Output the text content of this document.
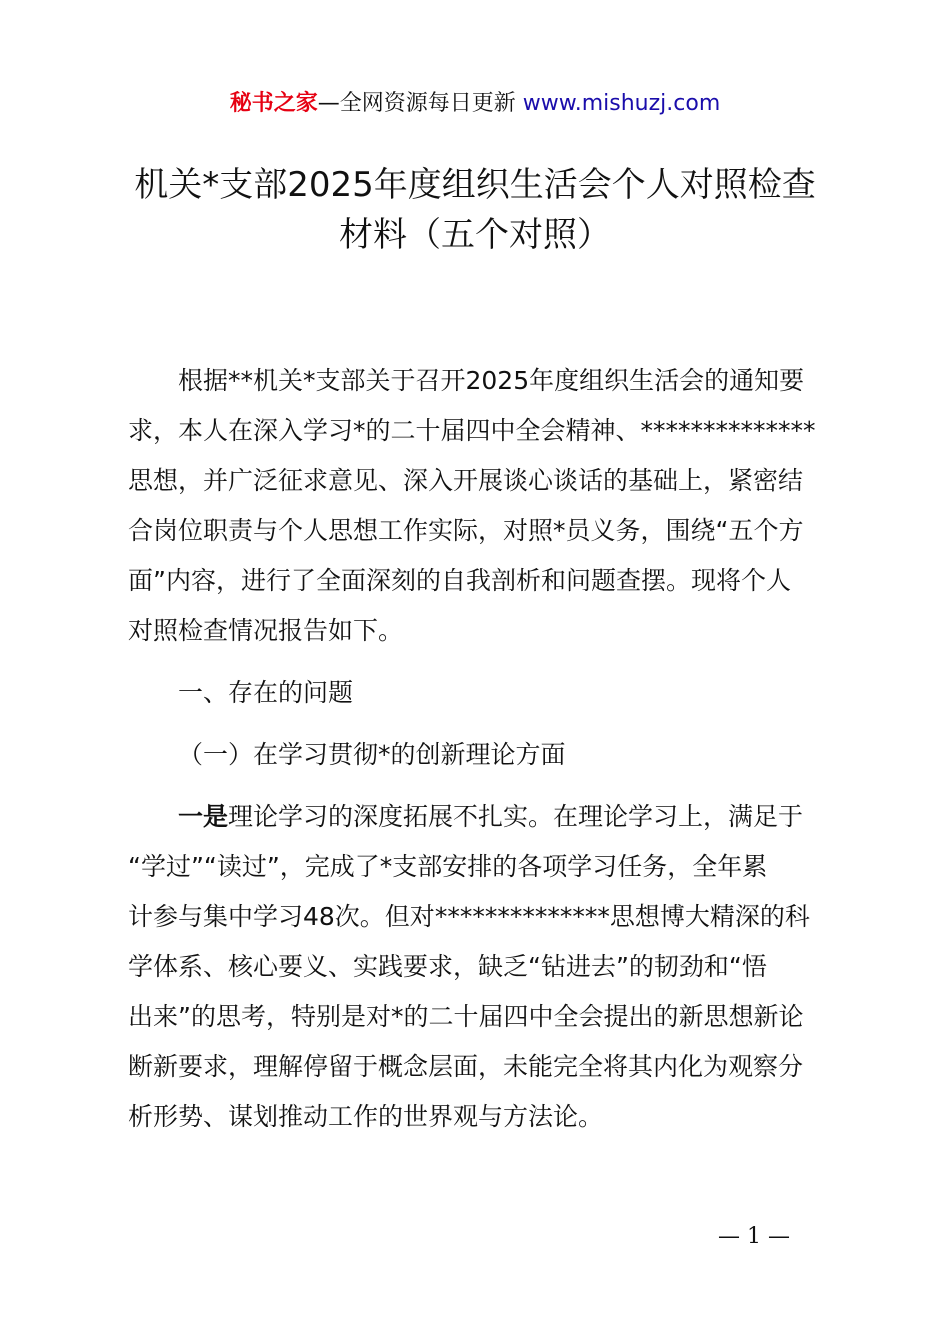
秘书之家—全网资源每日更新 www.mishuzj.com
机关*支部2025年度组织生活会个人对照检查
材料（五个对照）
根据**机关*支部关于召开2025年度组织生活会的通知要
求，本人在深入学习*的二十届四中全会精神、**************
思想，并广泛征求意见、深入开展谈心谈话的基础上，紧密结
合岗位职责与个人思想工作实际，对照*员义务，围绕“五个方
面”内容，进行了全面深刻的自我剖析和问题查摆。现将个人
对照检查情况报告如下。
一、存在的问题
（一）在学习贯彻*的创新理论方面
一是理论学习的深度拓展不扎实。在理论学习上，满足于
“学过”“读过”，完成了*支部安排的各项学习任务，全年累
计参与集中学习48次。但对**************思想博大精深的科
学体系、核心要义、实践要求，缺乏“钻进去”的韧劲和“悟
出来”的思考，特别是对*的二十届四中全会提出的新思想新论
断新要求，理解停留于概念层面，未能完全将其内化为观察分
析形势、谋划推动工作的世界观与方法论。
— 1 —
